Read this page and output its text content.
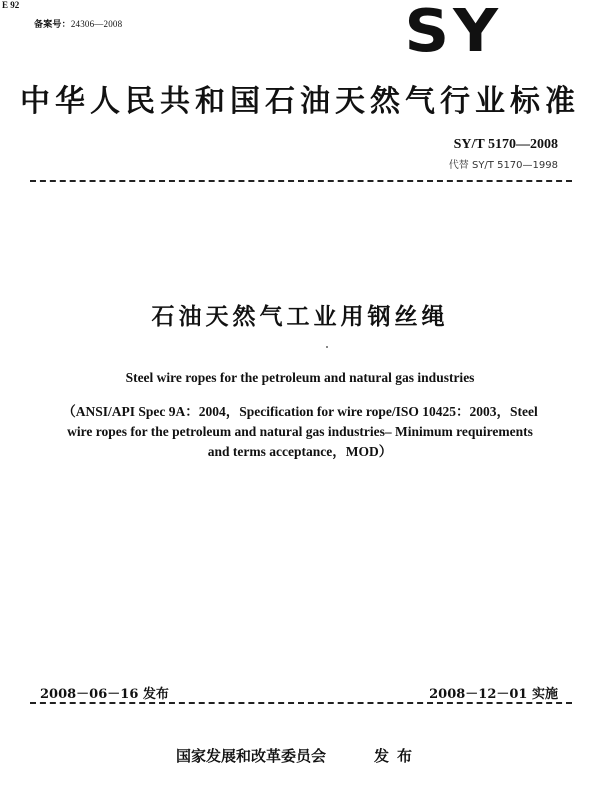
E 92
备案号：24306—2008	SY
中华人民共和国石油天然气行业标准
SY/T 5170—2008
代替 SY/T 5170—1998
石油天然气工业用钢丝绳
Steel wire ropes for the petroleum and natural gas industries
（ANSI/API Spec 9A：2004，Specification for wire rope/ISO 10425：2003，Steel wire ropes for the petroleum and natural gas industries– Minimum requirements and terms acceptance，MOD）
2008－06－16 发布	2008－12－01 实施
国家发展和改革委员会	发布
